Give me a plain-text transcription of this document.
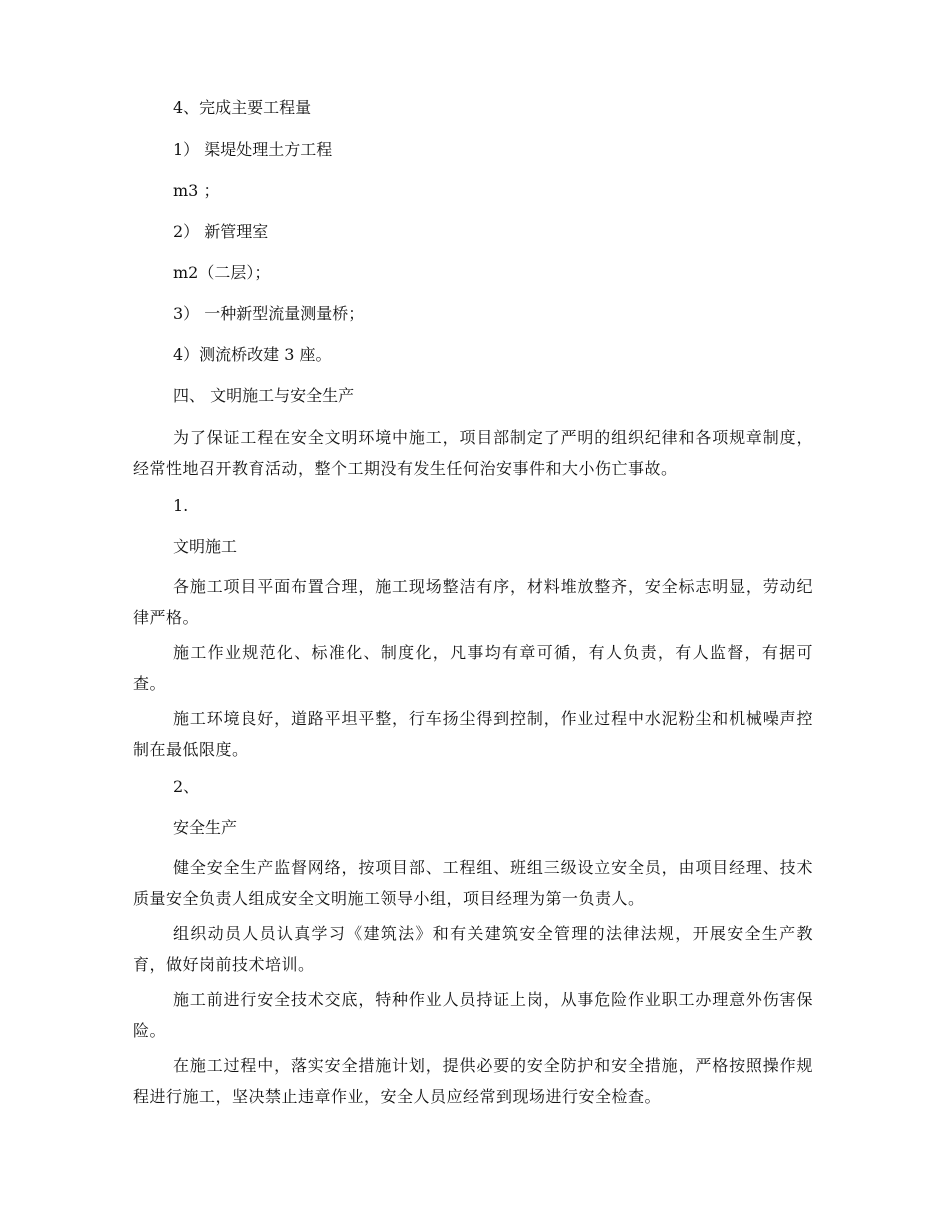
4、完成主要工程量
1） 渠堤处理土方工程
m3 ；
2） 新管理室
m2（二层）；
3） 一种新型流量测量桥；
4）测流桥改建 3 座。
四、 文明施工与安全生产
为了保证工程在安全文明环境中施工，项目部制定了严明的组织纪律和各项规章制度，经常性地召开教育活动，整个工期没有发生任何治安事件和大小伤亡事故。
1.
文明施工
各施工项目平面布置合理，施工现场整洁有序，材料堆放整齐，安全标志明显，劳动纪律严格。
施工作业规范化、标准化、制度化，凡事均有章可循，有人负责，有人监督，有据可查。
施工环境良好，道路平坦平整，行车扬尘得到控制，作业过程中水泥粉尘和机械噪声控制在最低限度。
2、
安全生产
健全安全生产监督网络，按项目部、工程组、班组三级设立安全员，由项目经理、技术质量安全负责人组成安全文明施工领导小组，项目经理为第一负责人。
组织动员人员认真学习《建筑法》和有关建筑安全管理的法律法规，开展安全生产教育，做好岗前技术培训。
施工前进行安全技术交底，特种作业人员持证上岗，从事危险作业职工办理意外伤害保险。
在施工过程中，落实安全措施计划，提供必要的安全防护和安全措施，严格按照操作规程进行施工，坚决禁止违章作业，安全人员应经常到现场进行安全检查。
